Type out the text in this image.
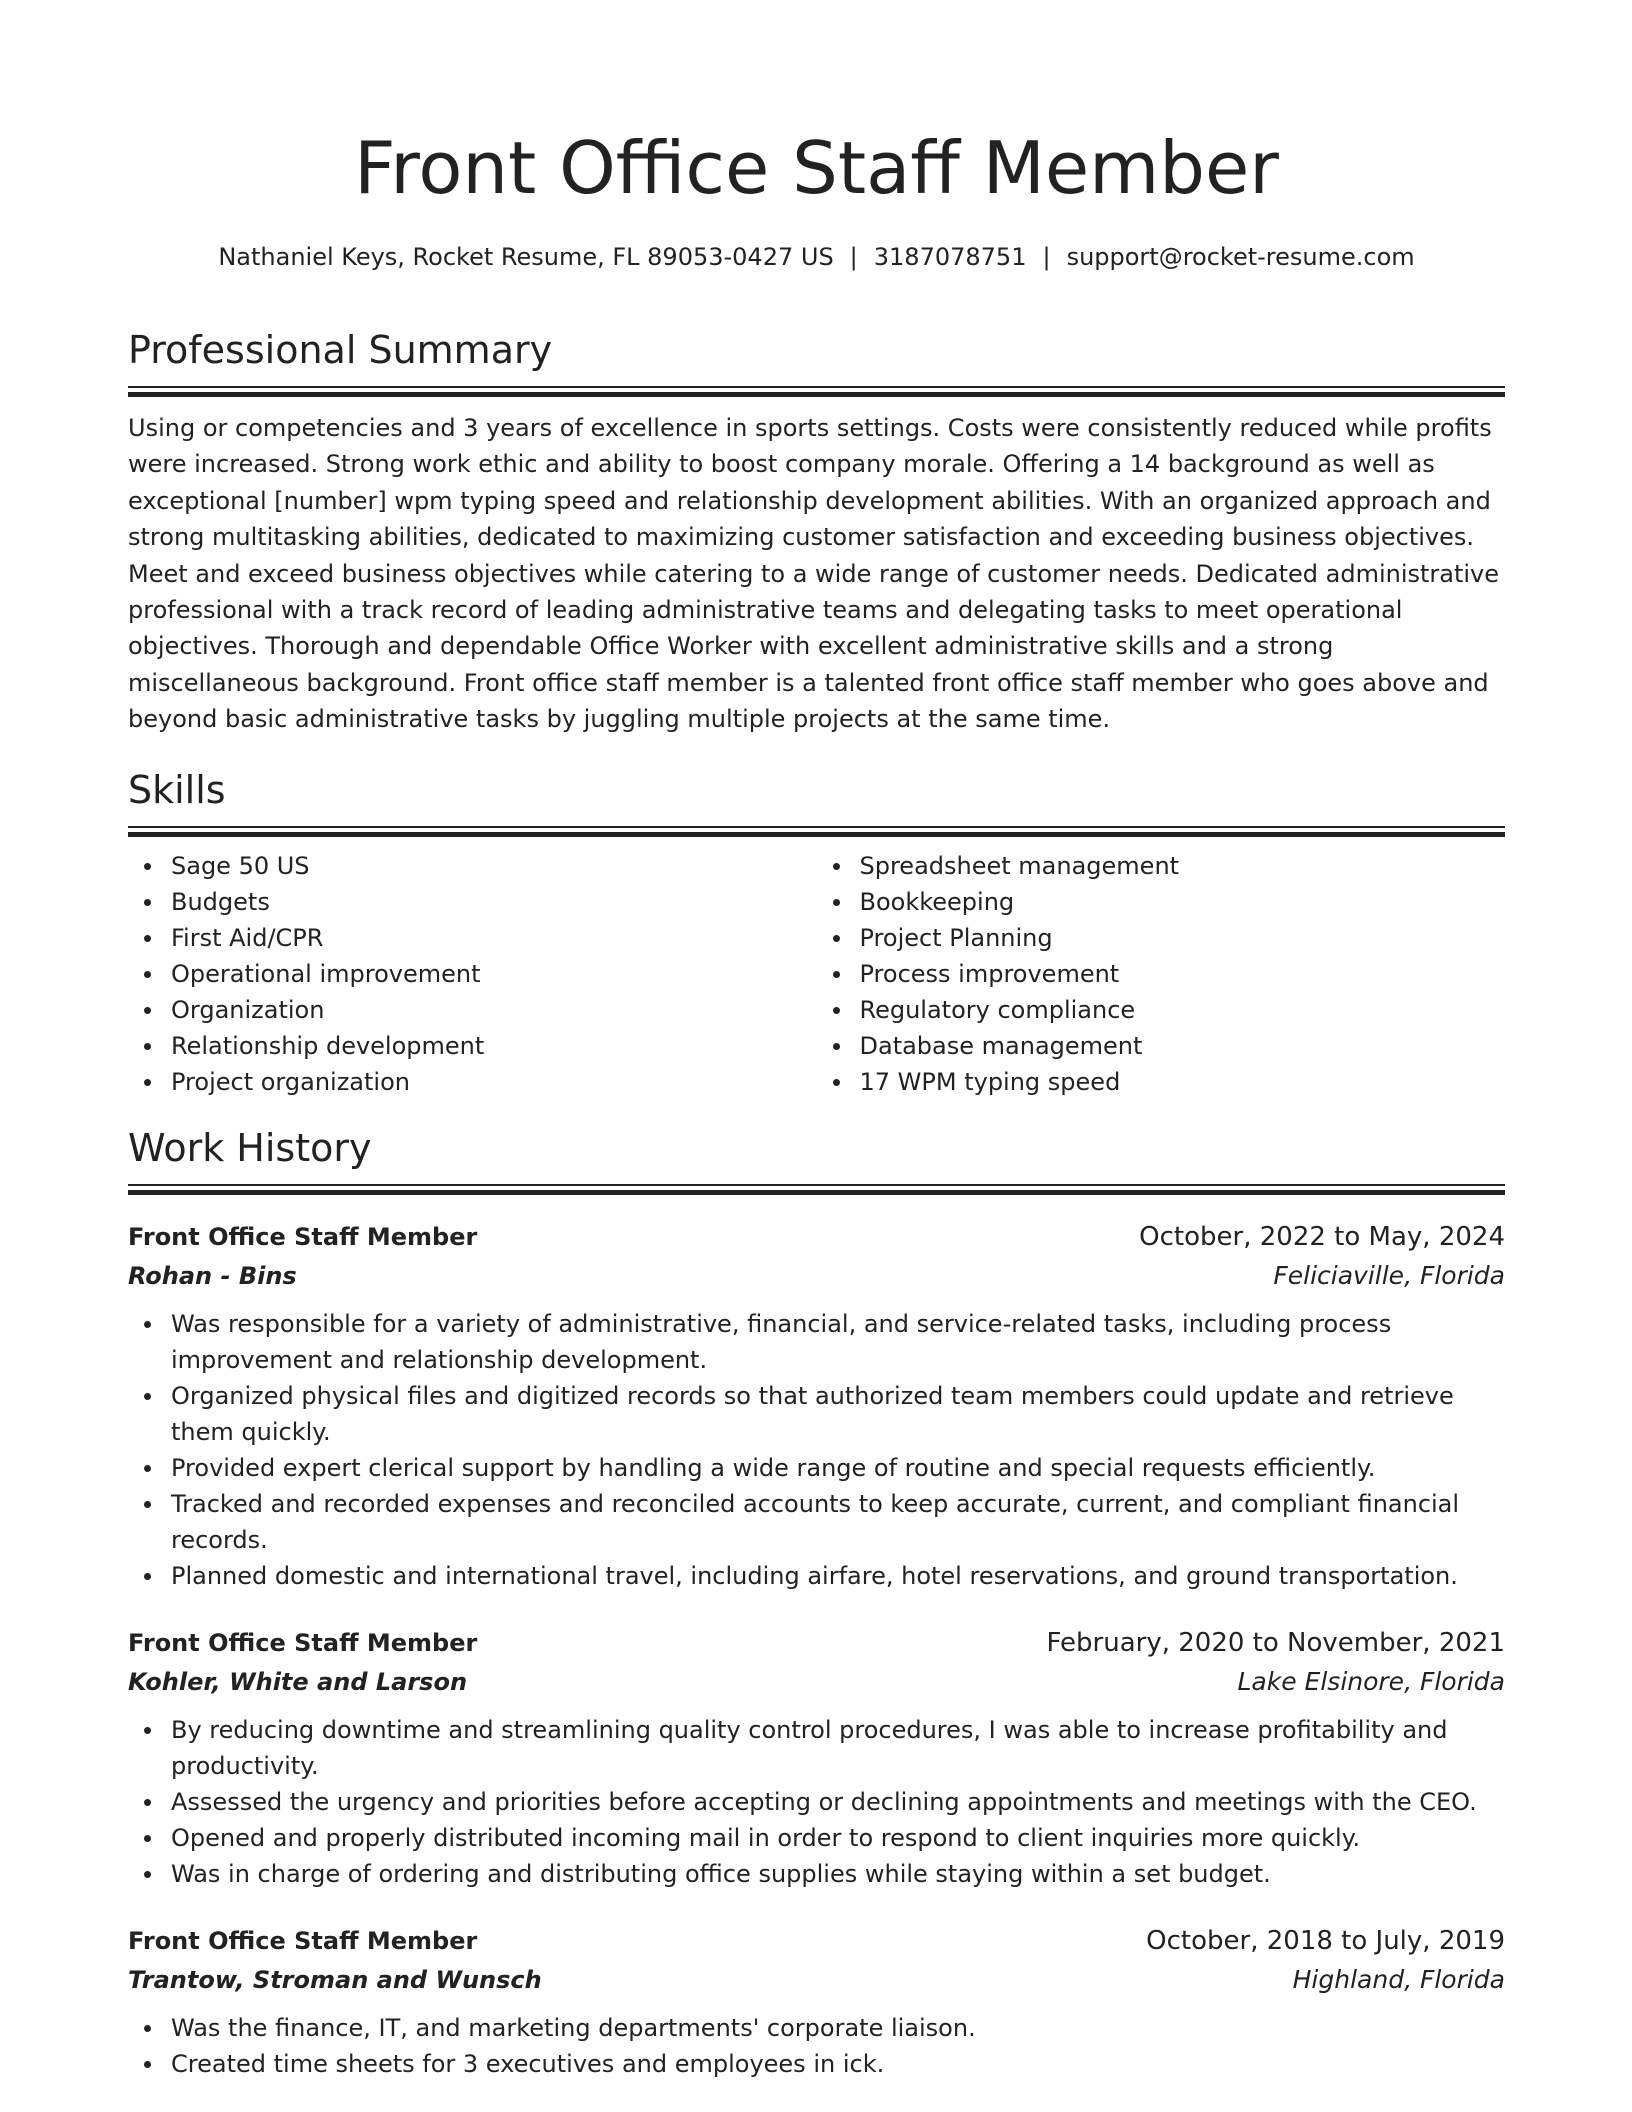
Front Office Staff Member
Nathaniel Keys, Rocket Resume, FL 89053-0427 US | 3187078751 | support@rocket-resume.com
Professional Summary

Using or competencies and 3 years of excellence in sports settings. Costs were consistently reduced while profits were increased. Strong work ethic and ability to boost company morale. Offering a 14 background as well as exceptional [number] wpm typing speed and relationship development abilities. With an organized approach and strong multitasking abilities, dedicated to maximizing customer satisfaction and exceeding business objectives. Meet and exceed business objectives while catering to a wide range of customer needs. Dedicated administrative professional with a track record of leading administrative teams and delegating tasks to meet operational objectives. Thorough and dependable Office Worker with excellent administrative skills and a strong miscellaneous background. Front office staff member is a talented front office staff member who goes above and beyond basic administrative tasks by juggling multiple projects at the same time.

Skills
Sage 50 US
Budgets
First Aid/CPR
Operational improvement
Organization
Relationship development
Project organization
Spreadsheet management
Bookkeeping
Project Planning
Process improvement
Regulatory compliance
Database management
17 WPM typing speed
Work History
Front Office Staff Member	October, 2022 to May, 2024
Rohan - Bins	Feliciaville, Florida
Was responsible for a variety of administrative, financial, and service-related tasks, including process improvement and relationship development.
Organized physical files and digitized records so that authorized team members could update and retrieve them quickly.
Provided expert clerical support by handling a wide range of routine and special requests efficiently.
Tracked and recorded expenses and reconciled accounts to keep accurate, current, and compliant financial records.
Planned domestic and international travel, including airfare, hotel reservations, and ground transportation.
Front Office Staff Member	February, 2020 to November, 2021
Kohler, White and Larson	Lake Elsinore, Florida
By reducing downtime and streamlining quality control procedures, I was able to increase profitability and productivity.
Assessed the urgency and priorities before accepting or declining appointments and meetings with the CEO.
Opened and properly distributed incoming mail in order to respond to client inquiries more quickly.
Was in charge of ordering and distributing office supplies while staying within a set budget.
Front Office Staff Member	October, 2018 to July, 2019
Trantow, Stroman and Wunsch	Highland, Florida
Was the finance, IT, and marketing departments' corporate liaison.
Created time sheets for 3 executives and employees in ick.
